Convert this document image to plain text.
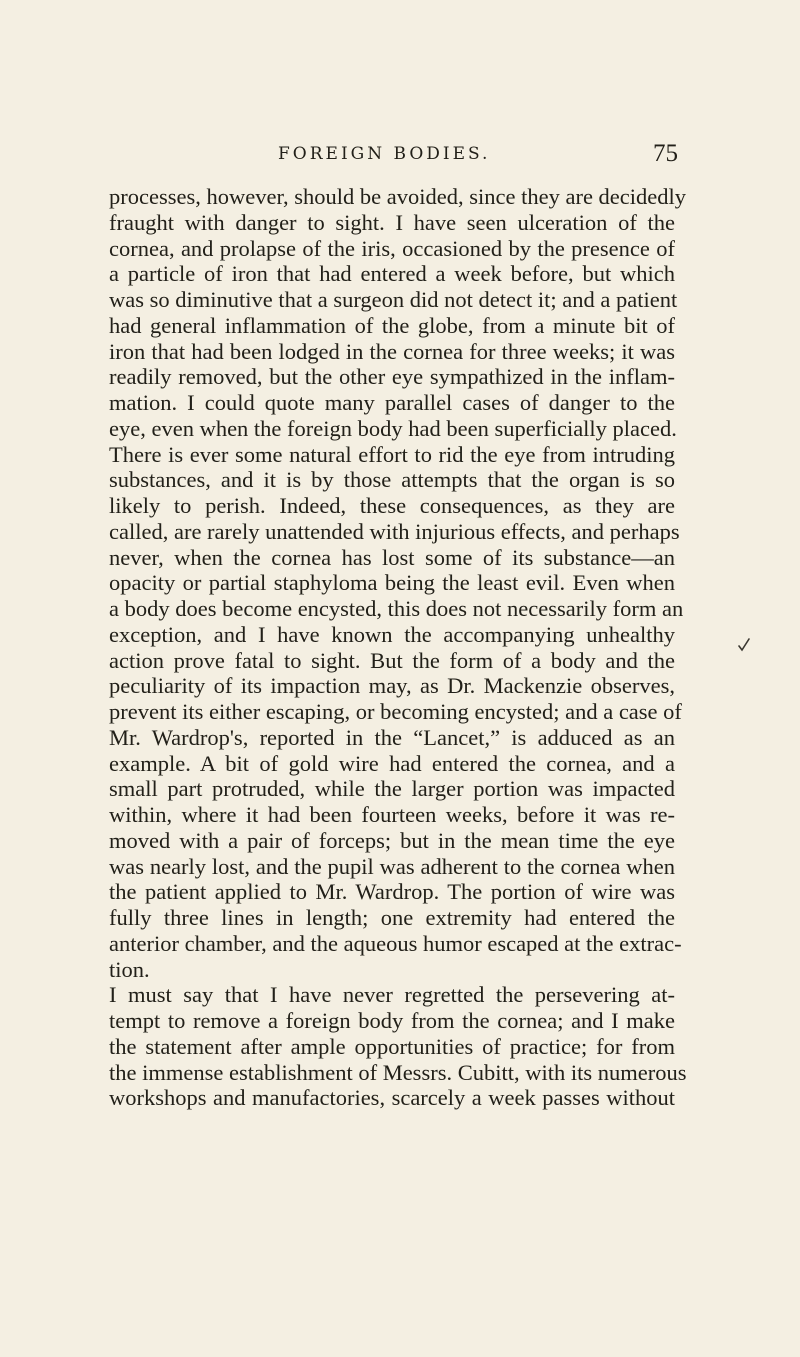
FOREIGN BODIES.	75
processes, however, should be avoided, since they are decidedly
fraught with danger to sight. I have seen ulceration of the
cornea, and prolapse of the iris, occasioned by the presence of
a particle of iron that had entered a week before, but which
was so diminutive that a surgeon did not detect it; and a patient
had general inflammation of the globe, from a minute bit of
iron that had been lodged in the cornea for three weeks; it was
readily removed, but the other eye sympathized in the inflam-
mation. I could quote many parallel cases of danger to the
eye, even when the foreign body had been superficially placed.
There is ever some natural effort to rid the eye from intruding
substances, and it is by those attempts that the organ is so
likely to perish. Indeed, these consequences, as they are
called, are rarely unattended with injurious effects, and perhaps
never, when the cornea has lost some of its substance—an
opacity or partial staphyloma being the least evil. Even when
a body does become encysted, this does not necessarily form an
exception, and I have known the accompanying unhealthy
action prove fatal to sight. But the form of a body and the
peculiarity of its impaction may, as Dr. Mackenzie observes,
prevent its either escaping, or becoming encysted; and a case of
Mr. Wardrop's, reported in the “Lancet,” is adduced as an
example. A bit of gold wire had entered the cornea, and a
small part protruded, while the larger portion was impacted
within, where it had been fourteen weeks, before it was re-
moved with a pair of forceps; but in the mean time the eye
was nearly lost, and the pupil was adherent to the cornea when
the patient applied to Mr. Wardrop. The portion of wire was
fully three lines in length; one extremity had entered the
anterior chamber, and the aqueous humor escaped at the extrac-
tion.
I must say that I have never regretted the persevering at-
tempt to remove a foreign body from the cornea; and I make
the statement after ample opportunities of practice; for from
the immense establishment of Messrs. Cubitt, with its numerous
workshops and manufactories, scarcely a week passes without
